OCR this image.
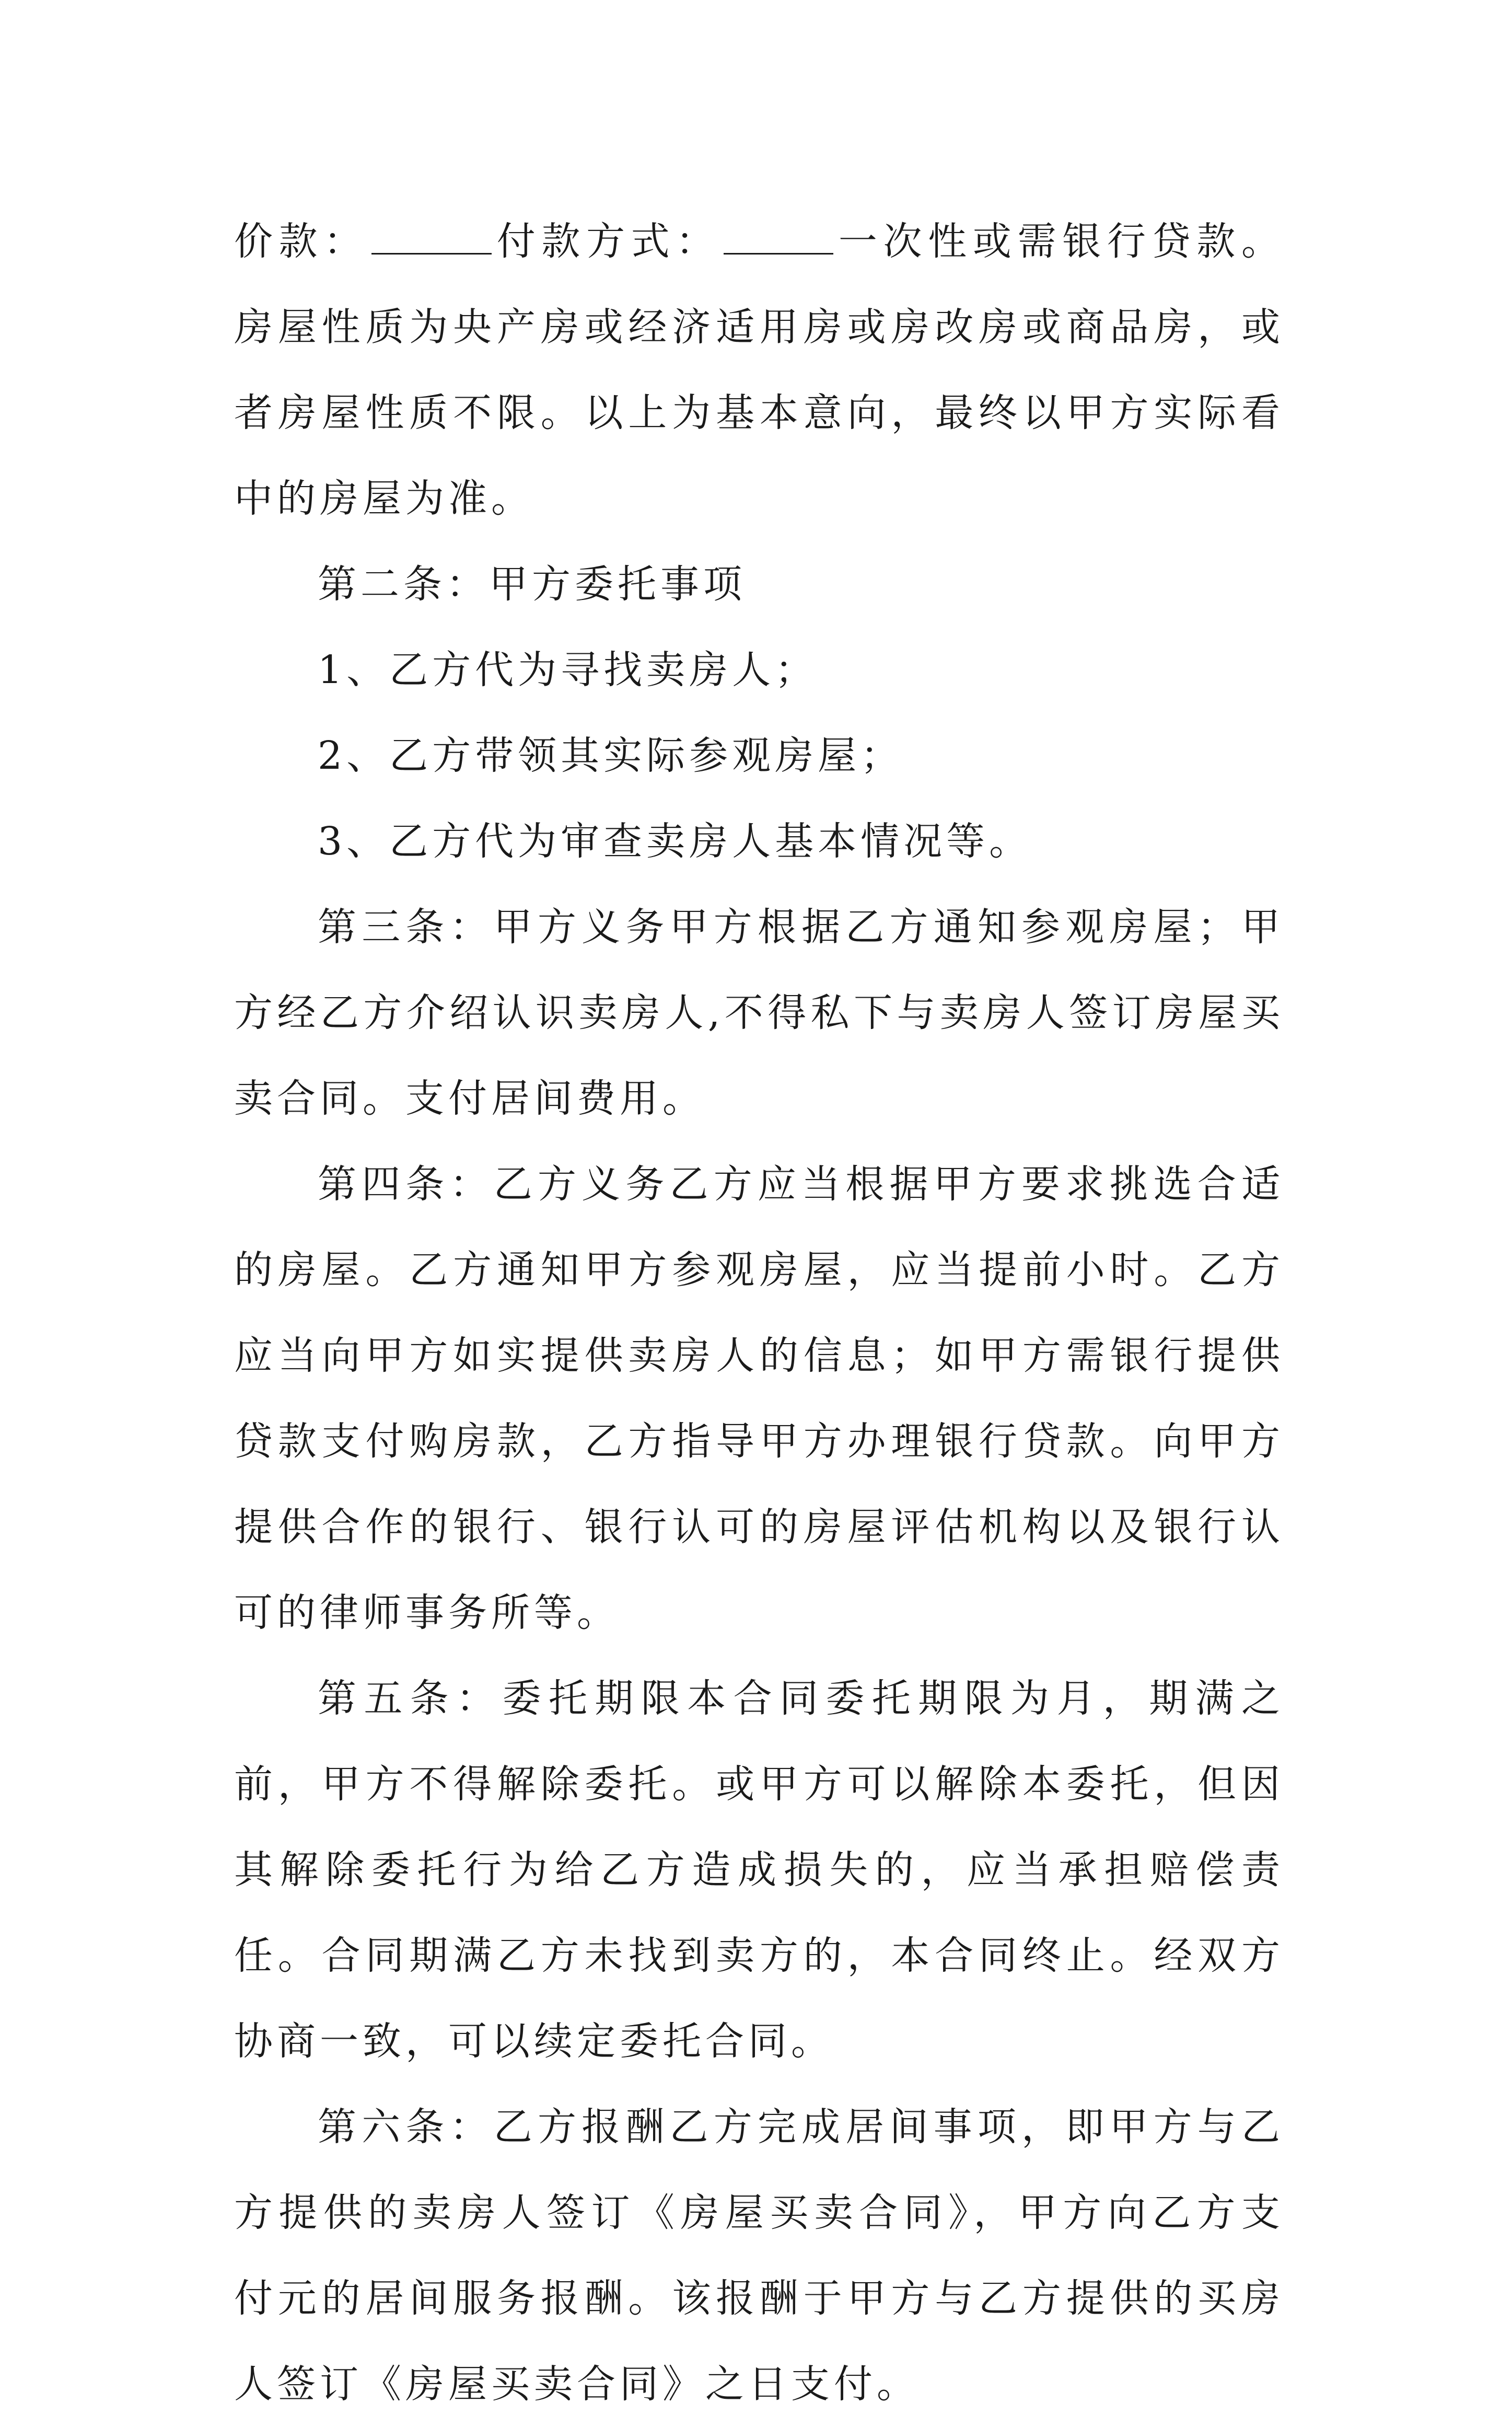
价款：	付款方式：	一次性或需银行贷款。房屋性质为央产房或经济适用房或房改房或商品房，或者房屋性质不限。以上为基本意向，最终以甲方实际看中的房屋为准。

第二条：甲方委托事项

1、乙方代为寻找卖房人；

2、乙方带领其实际参观房屋；

3、乙方代为审查卖房人基本情况等。

第三条：甲方义务甲方根据乙方通知参观房屋；甲方经乙方介绍认识卖房人,不得私下与卖房人签订房屋买卖合同。支付居间费用。

第四条：乙方义务乙方应当根据甲方要求挑选合适的房屋。乙方通知甲方参观房屋，应当提前小时。乙方应当向甲方如实提供卖房人的信息；如甲方需银行提供贷款支付购房款，乙方指导甲方办理银行贷款。向甲方提供合作的银行、银行认可的房屋评估机构以及银行认可的律师事务所等。

第五条：委托期限本合同委托期限为月，期满之前，甲方不得解除委托。或甲方可以解除本委托，但因其解除委托行为给乙方造成损失的，应当承担赔偿责任。合同期满乙方未找到卖方的，本合同终止。经双方协商一致，可以续定委托合同。

第六条：乙方报酬乙方完成居间事项，即甲方与乙方提供的卖房人签订《房屋买卖合同》，甲方向乙方支付元的居间服务报酬。该报酬于甲方与乙方提供的买房人签订《房屋买卖合同》之日支付。
